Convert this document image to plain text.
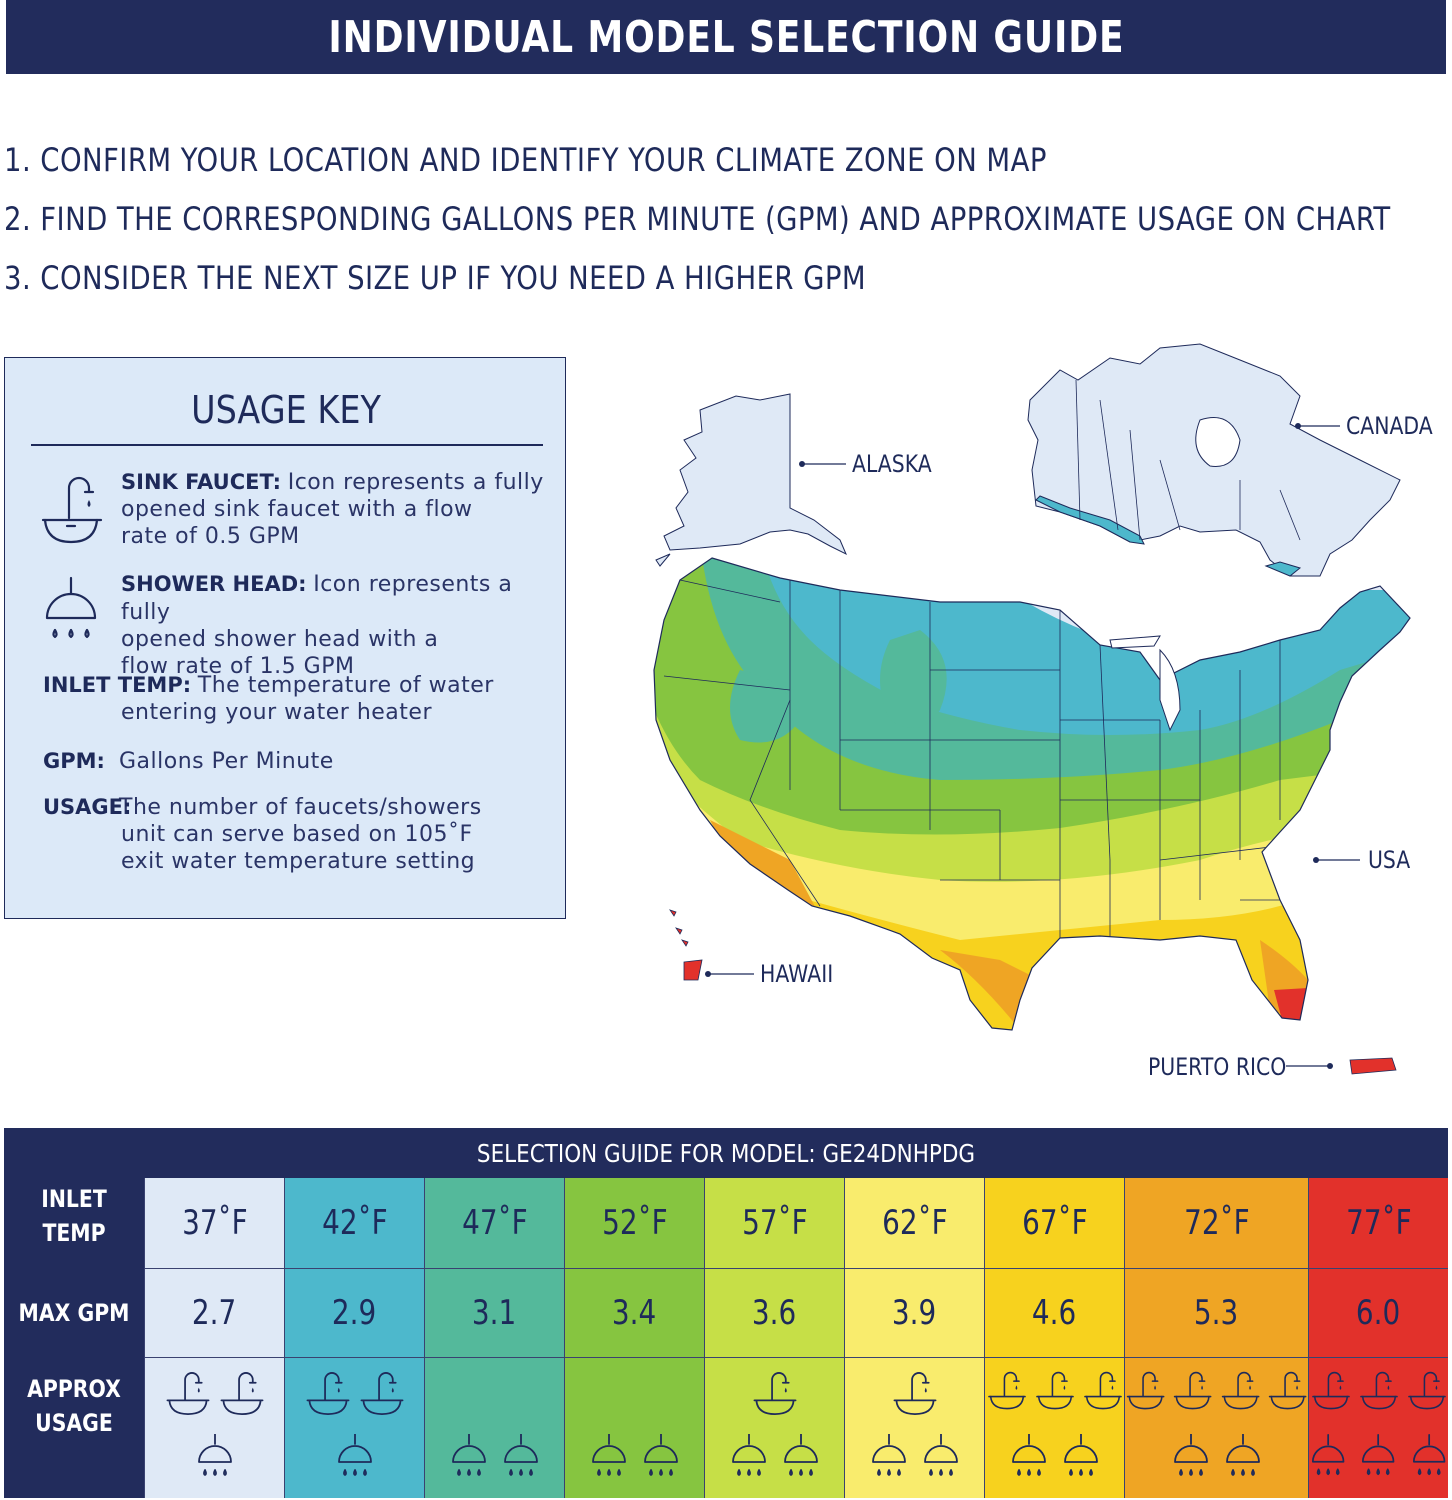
INDIVIDUAL MODEL SELECTION GUIDE
1. CONFIRM YOUR LOCATION AND IDENTIFY YOUR CLIMATE ZONE ON MAP
2. FIND THE CORRESPONDING GALLONS PER MINUTE (GPM) AND APPROXIMATE USAGE ON CHART
3. CONSIDER THE NEXT SIZE UP IF YOU NEED A HIGHER GPM
USAGE KEY
SINK FAUCET: Icon represents a fully
opened sink faucet with a flow
rate of 0.5 GPM
SHOWER HEAD: Icon represents a fully
opened shower head with a
flow rate of 1.5 GPM
INLET TEMP: The temperature of water
entering your water heater
GPM: Gallons Per Minute
USAGE:
The number of faucets/showers
unit can serve based on 105˚F
exit water temperature setting
ALASKA
CANADA
USA
HAWAII
PUERTO RICO
SELECTION GUIDE FOR MODEL: GE24DNHPDG
INLET
TEMP
MAX GPM
APPROX
USAGE
37˚F
2.7
42˚F
2.9
47˚F
3.1
52˚F
3.4
57˚F
3.6
62˚F
3.9
67˚F
4.6
72˚F
5.3
77˚F
6.0
